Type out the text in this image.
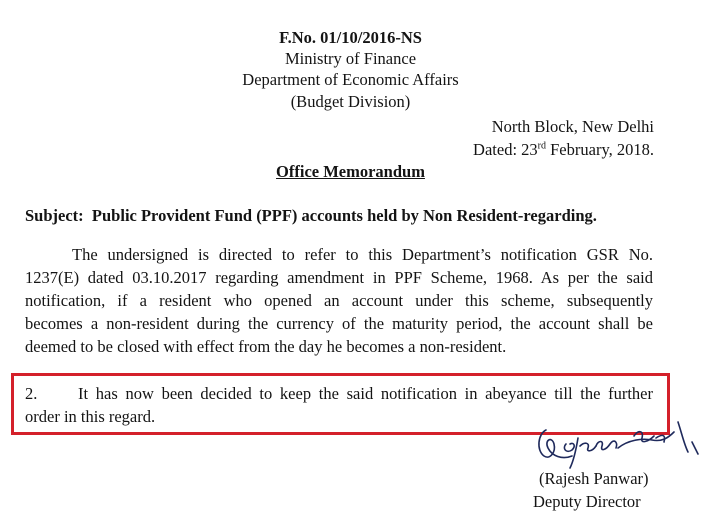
F.No. 01/10/2016-NS
Ministry of Finance
Department of Economic Affairs
(Budget Division)
North Block, New Delhi
Dated: 23rd February, 2018.
Office Memorandum
Subject: Public Provident Fund (PPF) accounts held by Non Resident-regarding.
The undersigned is directed to refer to this Department’s notification GSR No.
1237(E) dated 03.10.2017 regarding amendment in PPF Scheme, 1968. As per the said
notification, if a resident who opened an account under this scheme, subsequently
becomes a non-resident during the currency of the maturity period, the account shall be
deemed to be closed with effect from the day he becomes a non-resident.
2.	It has now been decided to keep the said notification in abeyance till the further
order in this regard.
(Rajesh Panwar)
Deputy Director
